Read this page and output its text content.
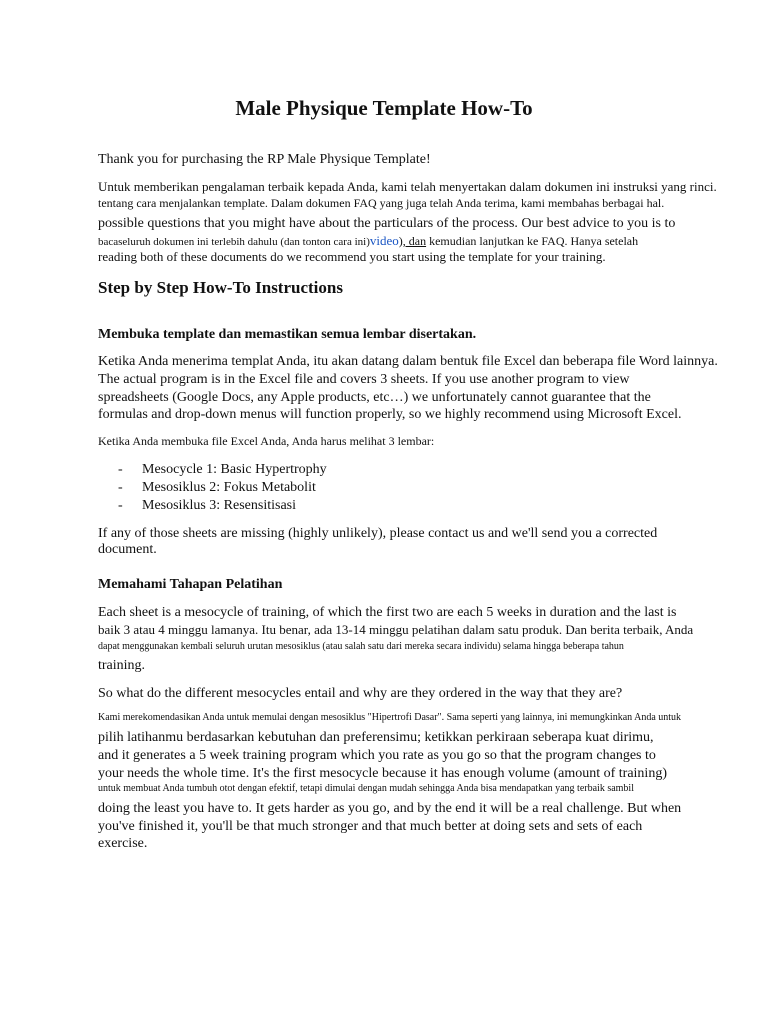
Male Physique Template How-To
Thank you for purchasing the RP Male Physique Template!
Untuk memberikan pengalaman terbaik kepada Anda, kami telah menyertakan dalam dokumen ini instruksi yang rinci.
tentang cara menjalankan template. Dalam dokumen FAQ yang juga telah Anda terima, kami membahas berbagai hal.
possible questions that you might have about the particulars of the process. Our best advice to you is to
bacaseluruh dokumen ini terlebih dahulu (dan tonton cara ini)video), dan kemudian lanjutkan ke FAQ. Hanya setelah
reading both of these documents do we recommend you start using the template for your training.
Step by Step How-To Instructions
Membuka template dan memastikan semua lembar disertakan.
Ketika Anda menerima templat Anda, itu akan datang dalam bentuk file Excel dan beberapa file Word lainnya.
The actual program is in the Excel file and covers 3 sheets. If you use another program to view
spreadsheets (Google Docs, any Apple products, etc…) we unfortunately cannot guarantee that the
formulas and drop-down menus will function properly, so we highly recommend using Microsoft Excel.
Ketika Anda membuka file Excel Anda, Anda harus melihat 3 lembar:
- Mesocycle 1: Basic Hypertrophy
- Mesosiklus 2: Fokus Metabolit
- Mesosiklus 3: Resensitisasi
If any of those sheets are missing (highly unlikely), please contact us and we'll send you a corrected
document.
Memahami Tahapan Pelatihan
Each sheet is a mesocycle of training, of which the first two are each 5 weeks in duration and the last is
baik 3 atau 4 minggu lamanya. Itu benar, ada 13-14 minggu pelatihan dalam satu produk. Dan berita terbaik, Anda
dapat menggunakan kembali seluruh urutan mesosiklus (atau salah satu dari mereka secara individu) selama hingga beberapa tahun
training.
So what do the different mesocycles entail and why are they ordered in the way that they are?
Kami merekomendasikan Anda untuk memulai dengan mesosiklus "Hipertrofi Dasar". Sama seperti yang lainnya, ini memungkinkan Anda untuk
pilih latihanmu berdasarkan kebutuhan dan preferensimu; ketikkan perkiraan seberapa kuat dirimu,
and it generates a 5 week training program which you rate as you go so that the program changes to
your needs the whole time. It's the first mesocycle because it has enough volume (amount of training)
untuk membuat Anda tumbuh otot dengan efektif, tetapi dimulai dengan mudah sehingga Anda bisa mendapatkan yang terbaik sambil
doing the least you have to. It gets harder as you go, and by the end it will be a real challenge. But when
you've finished it, you'll be that much stronger and that much better at doing sets and sets of each
exercise.
